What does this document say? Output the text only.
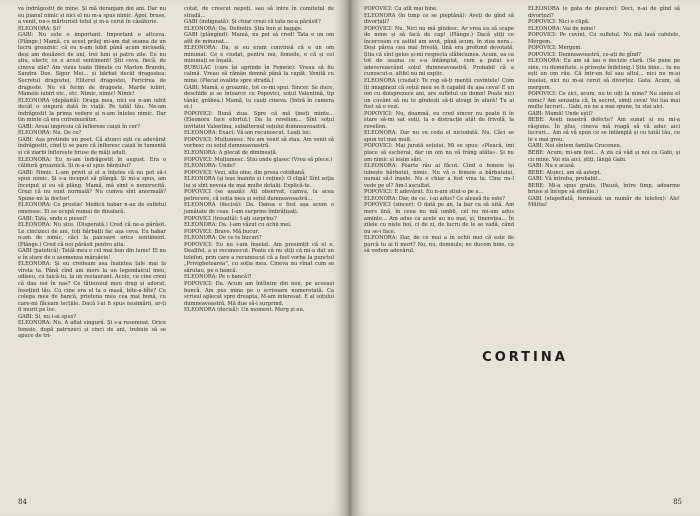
va îndrăgostit de mine. Și mă deranjam doi ani. Dar nu eu pianul nimic și nici el nu m-a spus nimic. Apoi, bruse, a venit, nu-s mărturisit totul și m-a cerut în căsătorie.

ELEONORA: Și?

GABI: Nu este o important. Important e altceva. (Plânge.) Mamă, cu acest prilej mi-am dat seama de un lucru groaznic: că eu n-am iubit până acum nicioadă, deși am douăzeci de ani, trei luni și patru zile. Eu nu știu, electr, ce e acest sentiment! Știi ceva, fiecă, de cineva zile? Am vizus toate filmele cu Marlon Brando, Sandra Dee. Sigur Mei... și bărbat decât dragostea: Secretul dragostei, Eliterul dragostei, Fericirea de dragoste. Nu vă ferim de dragoste, Marile iubiri, Mamele iubiri etc., etc. Nimic, nimic! Nimic!

ELEONORA (depășită): Draga mea, nici eu n-am iubit decât o singură dată în viață. Pe tatăl tău. Ne-am îndrăgostit la prima vedere și n-am înțeles nimic. Dar tin minte că era cutremurător.

GABI: Aveai impresia că înflorese caișii în cer?

ELEONORA: Nu. De ce?

GABI: Așa pretinde un poet. Că atunci ești cu adevărat îndrăgostit, cînd ți se pare că înfloresc caișii în tumentă și că ziarbi înflorește bruse de mâți adult.

ELEONORA: Eu m-am îndrăgostit în august. Era o căldură groaznică. Și m-a-ul spus bănțului?

GABI: Nimic. L-am privit și el a înțeles că nu pot să-i spun nimic. Și s-a început să plângă. Și mi-a spus, am înceiput și eu să plâng. Mamă, mă simt o nenorocită. Crezi că nu sunt normală? Nu cumva sînt anormală? Spune-mi la doctor!

ELEONORA: Ce prostie! Medicii habar n-au de sufletul omenesc. Ei se ocupă numai de dinafară.

GABI: Tata, unde e piesei?

ELEONORA: Nu știu. (Disperată.) Cred că ne-a părăsit. Le cincizeci de ani, toți bărbații fac așa ceva. Eu habar n-am de nimic, căci la paicoare orice sentiment. (Plânge.) Cred că noi părăsit pentru alta.

GABI (patetică): Tatăl meu e cel mai bun din lume! El nu e în stare de o asemenea mârșăvie!

ELEONORA: Și eu credeam asa înaintea tale mai la vîrsta ta. Până cînd am mers la un legendaicul meu, odiseu, cu taică-tu, la un restaurant. Acolo, cu cine crezi că dau noi în nas? Ce tătiezoiul meu drag și adorat, însoțind tău. Cu cine era el la o masă, bîte-a-bîte? Cu colega mea de bancă, prietena mea cea mai bună, cu care-mi făceam lecțiile. Dacă l-ai fi spus nesimării, ar-ți fi murit pe loc.

GABI: Și, nu i-ai spus?

ELEONORA: Nu. A aflat singură. Și s-a resemnat. Orice femeie, după patruzeci și cinci de ani, trebuie să se apuce de tri-

cotat, de crescut nepoți, sau să intre în comitetul de stradă...

GABI (indignată): Și chiar crezi că tata ne-a părăsit?

ELEONORA: Da. Definitiv. Știa bun și bagaje.

GABI (plângînd): Mamă, nu pot să cred! Tata e un om atît de minunat...

ELEONORA: Da, și eu eram convinsă că e un om minunat. Ce e ciudat, pentru noi, femeile, e că și cei minunați se înșală.

BUBULAC (care își aprinde în Femeie): Vreau să fiu calmă. Vreau să rămân demnă până la capăt. Venită cu mine. (Plecat ovalide spre stradă.)

GABI: Mamă, e groaznic, tot ce-mi spui. Sincer. Se duce, deschide și se întoarce cu Popovici, soțul Valentină, tip tânăr, grăbea.) Mamă, tu cauți cineva. (Intră în camera ei.)

POPOVICI: Bună ziua. Spre că mă țineți minte... (Eleonora face efortul.) Da la revelion... Sînt soțul invitatei Valentina, subalternul soțului dumneavoastră.

ELEONORA: Exact. Vă-am recunoscut. Luați loc.

POPOVICI: Mulțumesc. Nu am venit să stau. Am venit să vorbesc cu soțul dumneavoastră.

ELEONORA: A plecat de dimineață.

POPOVICI: Mulțumesc. Știu unde glasec (Vrea să plece.)

ELEONORA: Unde?

POPOVICI: Vezi, alta oine, din presa cotidiană.

ELEONORA (și ieșe înainte și i reține): O clipă! Sînt soția lui și sînt nevoia de mai multe detalii. Explică-te.

POPOVICI (se așază): Ați observat, camva, la acea petrecere, că soția mea și soțul dumneavoastră...

ELEONORA (decisă): Da. Dansa e fost așa acum o jumătate de ceas. I-am surprins îmbrățișați.

POPOVICI (tresaltă): I-ați surprins?

ELEONORA: Da. I-am văzut cu ochii mei.

POPOVICI: Bravo. Mă bucur.

ELEONORA: De ce te bucuri?

POPOVICI: Eu nu i-am înșelat. Am presimțit că el e. Dealtfel, a și recunoscut. Poate că nu știți că mi-a dat un telefon, prin care a recunoscut că a fost vorba la punctul „Privighetoarea”, cu soția mea. Cineva nu vînat cum se sărutau, pe o bancă.

ELEONORA: Pe o bancă?!

POPOVICI: Da. Acum am întîlnire din nou, pe aceeași bancă. Am pus mina pe o scrisoare numerotată. Ca scrisul aplecat spre dreapta, M-am interesat. E al soțului dumneavoastră. Mă due să-i surprind.

ELEONORA (decisă): Un moment. Merg și eu.

84

POPOVICI: Cu atît mai bine.

ELEONORA (în timp ce se pieptănă): Aveți de gînd să divorțați?

POPOVICI: Nu. Nici nu mă gîndesc. Ar vrea ea să scape de mine și să facă de cap! (Plânge.) Dacă știți ce încerceam cu astfel am avut, până acum, în ziua nera... Deși părea cea mai frivolă, tînă era profund devotată. Știa că sînt gelos și-mi respecta slăbiciunea. Acum, ea ca tot de seama ce s-a întâmplat, cum a putut s-o adevereascând soțul dumneavoastră. Probabil că a cunoscut-o, altfel nu mi explic.

ELEONORA (ciudat): Te rog să-ți menții cuvintele! Cum îți imaginezi că soțul meu se fi capabil de așa ceva! E un om cu doisprezece ani, are sufletul un domn! Poate nici un cuvânt să nu te gîndești să-ți atragi în afară! Tu ai fost să o vezi.

POPOVICI: Nu, doamnă, eu cred sincer nu poate fi în stare să-mi sat soții, la o distracție atât de frivolă, la revelion.

ELEONORA: Dar nu va ceda el niciodată. Nu. Căci se spun tot mai mult.

POPOVICI: Mai jurată soțului. Mi se spus: «Pleacă, imi place să escherai, dar un om nu vă frâng atâta». Și nu am nimic și ieșim sări.

ELEONORA: Foarte rău ai făcut. Cînd o femeie își iubește bărbatul, nimic. Nu vă o femeie a bărbatului, numai să-l înșele. Nu e chiar a fost vina ta. Cine nu-l vede pe el? Am-l ascultat.

POPOVICI: E adevărat. Eu n-am știut-o pe a...

ELEONORA: Dar, de ce.. i-ai adus? Ce aleasă fiu este?

POPOVICI (sincer): O dată pe an, la bar ca să uită. Am mers lină, în ceea nu mă umbli, cel nu mi-am adus aminte... Am adus ca acele au nu mai, și, tinerețea... În zilele cu niște boi, ci de zi, de lucru de le se vadă, când nu se-i face.

ELEONORA: Dar, de ce mai a în ochii mei că este de parcă tu ai fi mort? Nu, nu, domnule; ne ducem bine, ca să vedem adevărul.

ELEONORA (e gata de plecare): Deci, n-ai de gînd să divorțezi?

POPOVICI: Nici o clipă.

ELEONORA: Vai de mine!

POPOVICI: Pe cuvînt. Cu sufletul. Nu mă lasă cafelele, Mergem.

POPOVICI: Mergem.

POPOVICI: Dumneavoastră, ce-ați de gînd?

ELEONORA: Eu am să iau o decizie clară. (Se pune pe sine, cu demnitate, o privește îndelung.) Știu bine... tu nu ești un om rău. Că într-un fel sau altul... nici nu m-ai înșelat, nici nu m-ai cerut să divorțez. Gata. Acum, să mergem.

POPOVICI: Ce zici, acum, nu te uiți la mine? Nu simte el nimic? Am senzația că, în secret, simți ceva! Voi lua mai multe lucruri... Gabi, nu ne a mai spune, tu stai aici.

GABI: Mamă! Unde ești?

BEBE: Aveți noastră defecte? Am sunat și nu mi-a răspuns. În plus, cineva mă roagă să vă aduc aici lucruri... Am să vă spun ce se întâmplă și cu tatăl tău, ce le e mai greu.

GABI: Noi sîntem familia Cruceneu.

BEBE: Acum, mi-am fost... A zis că văd și noi cu Gabi, și cu mine. Voi sta aici, știți, lângă Gabi.

GABI: Nu e acasă.

BEBE: Atunci, am să aștept.

GABI: Vă întreba, probabil...

BEBE: Mi-a spus gratis. (Pauză, între timp, adoarme bruse și începe să sforăie.)

GABI (stupefiată, formează un număr de telefon): Alo! Militia!

CORTINA
85
